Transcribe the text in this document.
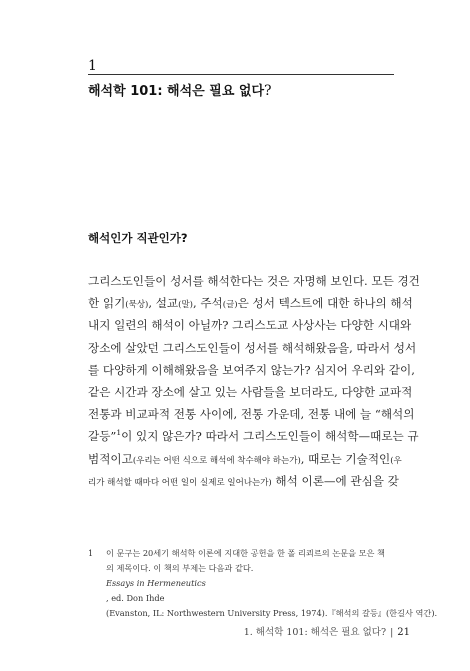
1
해석학 101: 해석은 필요 없다?
해석인가 직관인가?
그리스도인들이 성서를 해석한다는 것은 자명해 보인다. 모든 경건
한 읽기(묵상), 설교(말), 주석(글)은 성서 텍스트에 대한 하나의 해석
내지 일련의 해석이 아닐까? 그리스도교 사상사는 다양한 시대와
장소에 살았던 그리스도인들이 성서를 해석해왔음을, 따라서 성서
를 다양하게 이해해왔음을 보여주지 않는가? 심지어 우리와 같이,
같은 시간과 장소에 살고 있는 사람들을 보더라도, 다양한 교파적
전통과 비교파적 전통 사이에, 전통 가운데, 전통 내에 늘 “해석의
갈등”$^1$이 있지 않은가? 따라서 그리스도인들이 해석학—때로는 규
범적이고(우리는 어떤 식으로 해석에 착수해야 하는가), 때로는 기술적인(우
리가 해석할 때마다 어떤 일이 실제로 일어나는가) 해석 이론—에 관심을 갖
1 이 문구는 20세기 해석학 이론에 지대한 공헌을 한 폴 리쾨르의 논문을 모은 책
의 제목이다. 이 책의 부제는 다음과 같다.
Essays in Hermeneutics
, ed. Don Ihde
(Evanston, IL: Northwestern University Press, 1974).『해석의 갈등』(한길사 역간).
1. 해석학 101: 해석은 필요 없다? | 21
